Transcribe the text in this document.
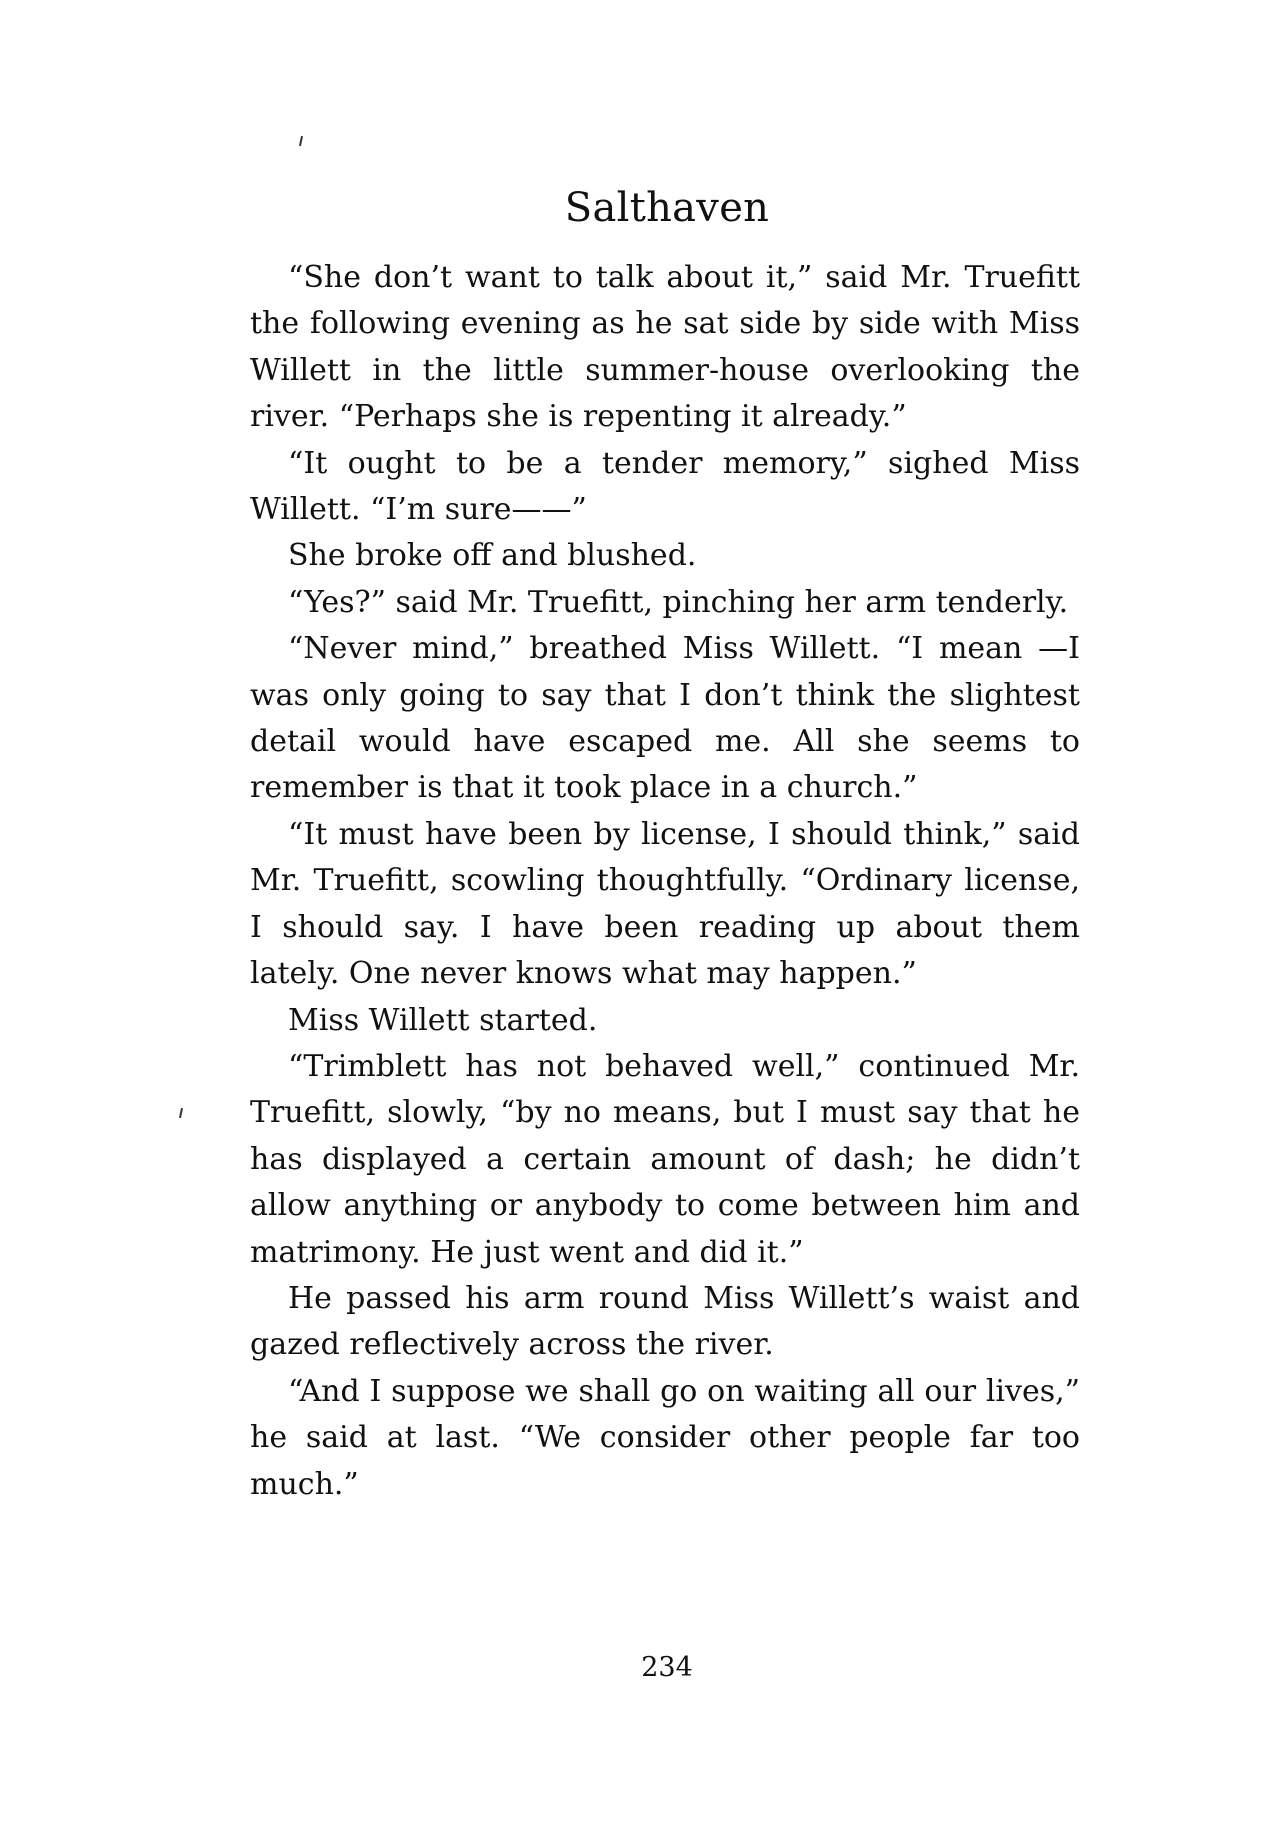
Salthaven

“She don’t want to talk about it,” said Mr. Truefitt the following evening as he sat side by side with Miss Willett in the little summer-house overlooking the river. “Perhaps she is repenting it already.”

“It ought to be a tender memory,” sighed Miss Willett. “I’m sure——”

She broke off and blushed.

“Yes?” said Mr. Truefitt, pinching her arm tenderly.

“Never mind,” breathed Miss Willett. “I mean —I was only going to say that I don’t think the slightest detail would have escaped me. All she seems to remember is that it took place in a church.”

“It must have been by license, I should think,” said Mr. Truefitt, scowling thoughtfully. “Ordinary license, I should say. I have been reading up about them lately. One never knows what may happen.”

Miss Willett started.

“Trimblett has not behaved well,” continued Mr. Truefitt, slowly, “by no means, but I must say that he has displayed a certain amount of dash; he didn’t allow anything or anybody to come between him and matrimony. He just went and did it.”

He passed his arm round Miss Willett’s waist and gazed reflectively across the river.

“And I suppose we shall go on waiting all our lives,” he said at last. “We consider other people far too much.”

234
